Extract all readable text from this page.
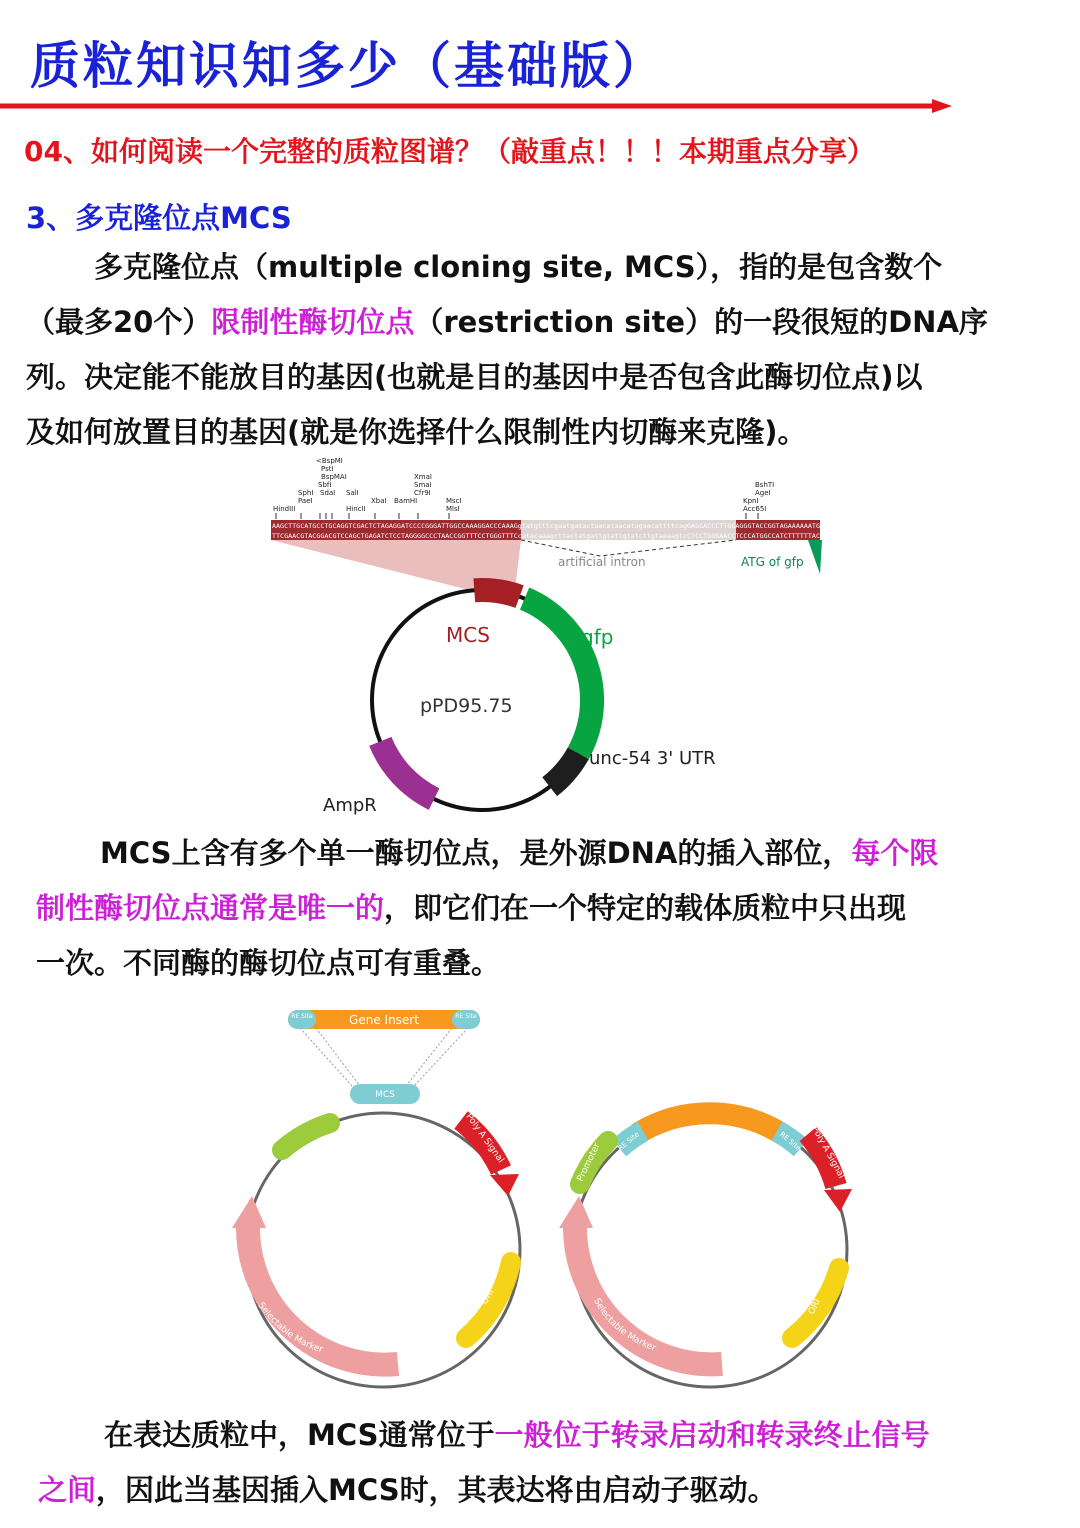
质粒知识知多少（基础版）
04、如何阅读一个完整的质粒图谱？（敲重点！！！本期重点分享）
3、多克隆位点MCS
多克隆位点（multiple cloning site, MCS），指的是包含数个
（最多20个）限制性酶切位点（restriction site）的一段很短的DNA序
列。决定能不能放目的基因(也就是目的基因中是否包含此酶切位点)以
及如何放置目的基因(就是你选择什么限制性内切酶来克隆)。
HindIII
SphI
PaeI
<BspMI
PstI
BspMAI
SbfI
SdaI SalI
HincII
XbaI BamHI
XmaI
SmaI
Cfr9I
MscI
MlsI
BshTI
AgeI
KpnI
Acc65I
AAGCTTGCATGCCTGCAGGTCGACTCTAGAGGATCCCCGGGATTGGCCAAAGGACCCAAAGgtatgtttcgaatgatactaacataacatagaacattttcagGAGGACCCTTGGAGGGTACCGGTAGAAAAAATG
TTCGAACGTACGGACGTCCAGCTGAGATCTCCTAGGGGCCCTAACCGGTTTCCTGGGTTTCcatacaaagcttactatgattgtattgtatcttgtaaaagtcCTCCTGGGAACCTCCCATGGCCATCTTTTTTAC
artificial intron	ATG of gfp
MCS	gfp
pPD95.75
unc-54 3' UTR
AmpR
MCS上含有多个单一酶切位点，是外源DNA的插入部位，每个限
制性酶切位点通常是唯一的，即它们在一个特定的载体质粒中只出现
一次。不同酶的酶切位点可有重叠。
RE Site	RE Site
Gene Insert
MCS
Promoter
Poly A Signal
ORI
Selectable Marker
RE Site	RE Site
Gene Insert
Promoter
Poly A Signal
ORI
Selectable Marker
在表达质粒中，MCS通常位于一般位于转录启动和转录终止信号
之间，因此当基因插入MCS时，其表达将由启动子驱动。
